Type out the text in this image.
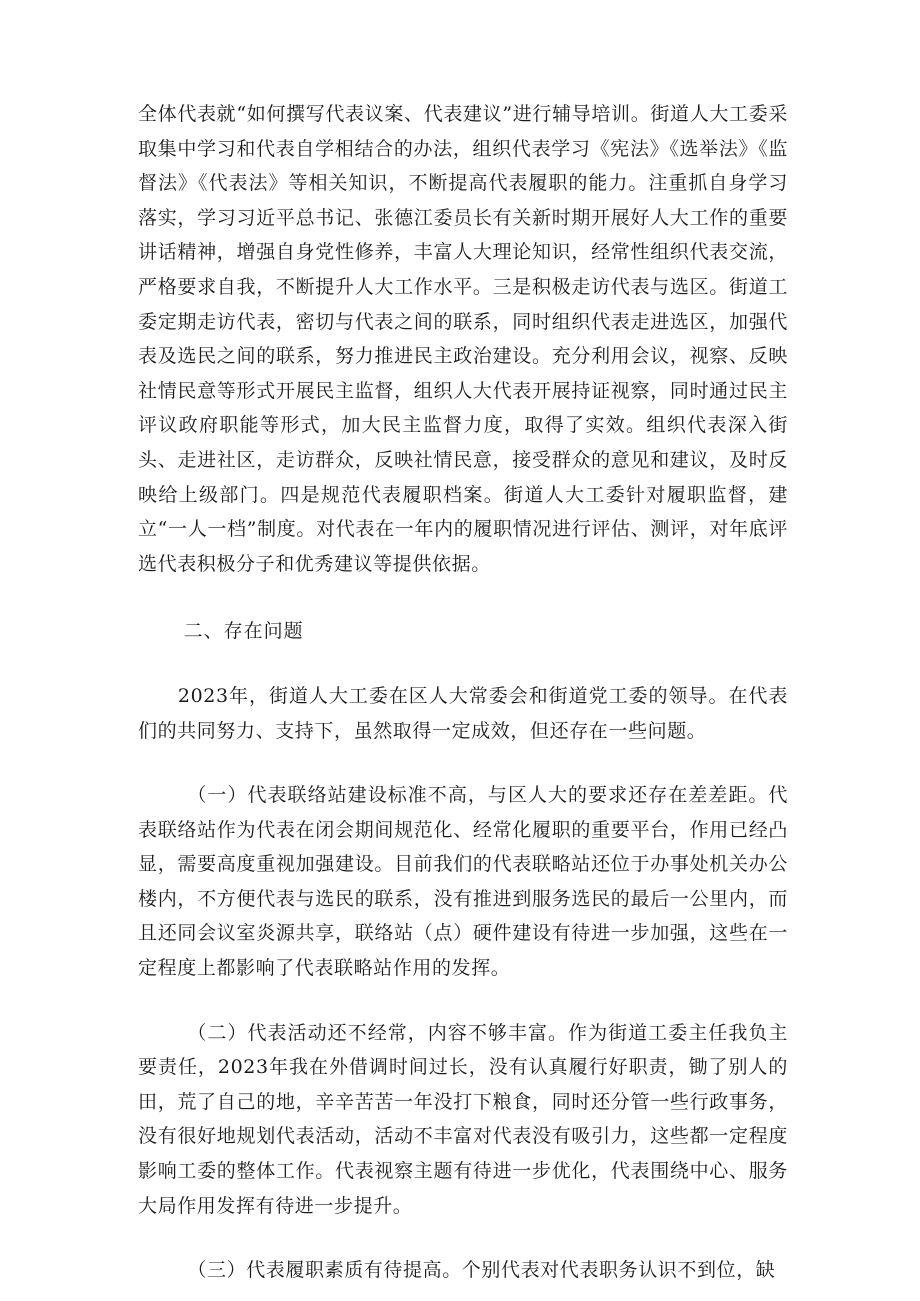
全体代表就“如何撰写代表议案、代表建议”进行辅导培训。街道人大工委采取集中学习和代表自学相结合的办法，组织代表学习《宪法》《选举法》《监督法》《代表法》等相关知识，不断提高代表履职的能力。注重抓自身学习落实，学习习近平总书记、张德江委员长有关新时期开展好人大工作的重要讲话精神，增强自身党性修养，丰富人大理论知识，经常性组织代表交流，严格要求自我，不断提升人大工作水平。三是积极走访代表与选区。街道工委定期走访代表，密切与代表之间的联系，同时组织代表走进选区，加强代表及选民之间的联系，努力推进民主政治建设。充分利用会议，视察、反映社情民意等形式开展民主监督，组织人大代表开展持证视察，同时通过民主评议政府职能等形式，加大民主监督力度，取得了实效。组织代表深入街头、走进社区，走访群众，反映社情民意，接受群众的意见和建议，及时反映给上级部门。四是规范代表履职档案。街道人大工委针对履职监督，建立“一人一档”制度。对代表在一年内的履职情况进行评估、测评，对年底评选代表积极分子和优秀建议等提供依据。

二、存在问题

2023年，街道人大工委在区人大常委会和街道党工委的领导。在代表们的共同努力、支持下，虽然取得一定成效，但还存在一些问题。

（一）代表联络站建设标准不高，与区人大的要求还存在差差距。代表联络站作为代表在闭会期间规范化、经常化履职的重要平台，作用已经凸显，需要高度重视加强建设。目前我们的代表联略站还位于办事处机关办公楼内，不方便代表与选民的联系，没有推进到服务选民的最后一公里内，而且还同会议室炎源共享，联络站（点）硬件建设有待进一步加强，这些在一定程度上都影响了代表联略站作用的发挥。

（二）代表活动还不经常，内容不够丰富。作为街道工委主任我负主要责任，2023年我在外借调时间过长，没有认真履行好职责，锄了别人的田，荒了自己的地，辛辛苦苦一年没打下粮食，同时还分管一些行政事务，没有很好地规划代表活动，活动不丰富对代表没有吸引力，这些都一定程度影响工委的整体工作。代表视察主题有待进一步优化，代表围绕中心、服务大局作用发挥有待进一步提升。

（三）代表履职素质有待提高。个别代表对代表职务认识不到位，缺
